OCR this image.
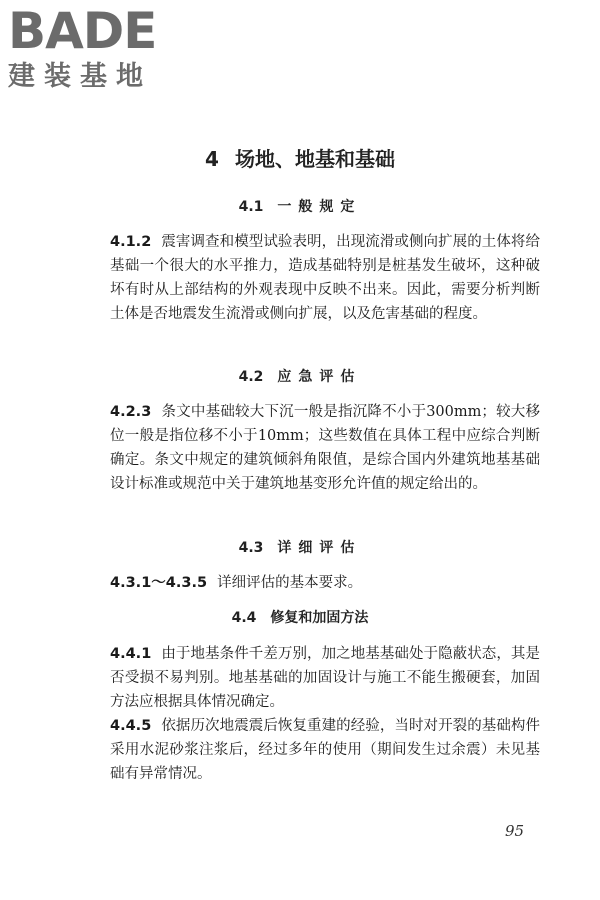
BADE
建装基地
4 场地、地基和基础
4.1 一般规定
4.1.2 震害调查和模型试验表明，出现流滑或侧向扩展的土体将给基础一个很大的水平推力，造成基础特别是桩基发生破坏，这种破坏有时从上部结构的外观表现中反映不出来。因此，需要分析判断土体是否地震发生流滑或侧向扩展，以及危害基础的程度。
4.2 应急评估
4.2.3 条文中基础较大下沉一般是指沉降不小于300mm；较大移位一般是指位移不小于10mm；这些数值在具体工程中应综合判断确定。条文中规定的建筑倾斜角限值，是综合国内外建筑地基基础设计标准或规范中关于建筑地基变形允许值的规定给出的。
4.3 详细评估
4.3.1～4.3.5 详细评估的基本要求。
4.4 修复和加固方法
4.4.1 由于地基条件千差万别，加之地基基础处于隐蔽状态，其是否受损不易判别。地基基础的加固设计与施工不能生搬硬套，加固方法应根据具体情况确定。
4.4.5 依据历次地震震后恢复重建的经验，当时对开裂的基础构件采用水泥砂浆注浆后，经过多年的使用（期间发生过余震）未见基础有异常情况。
95
